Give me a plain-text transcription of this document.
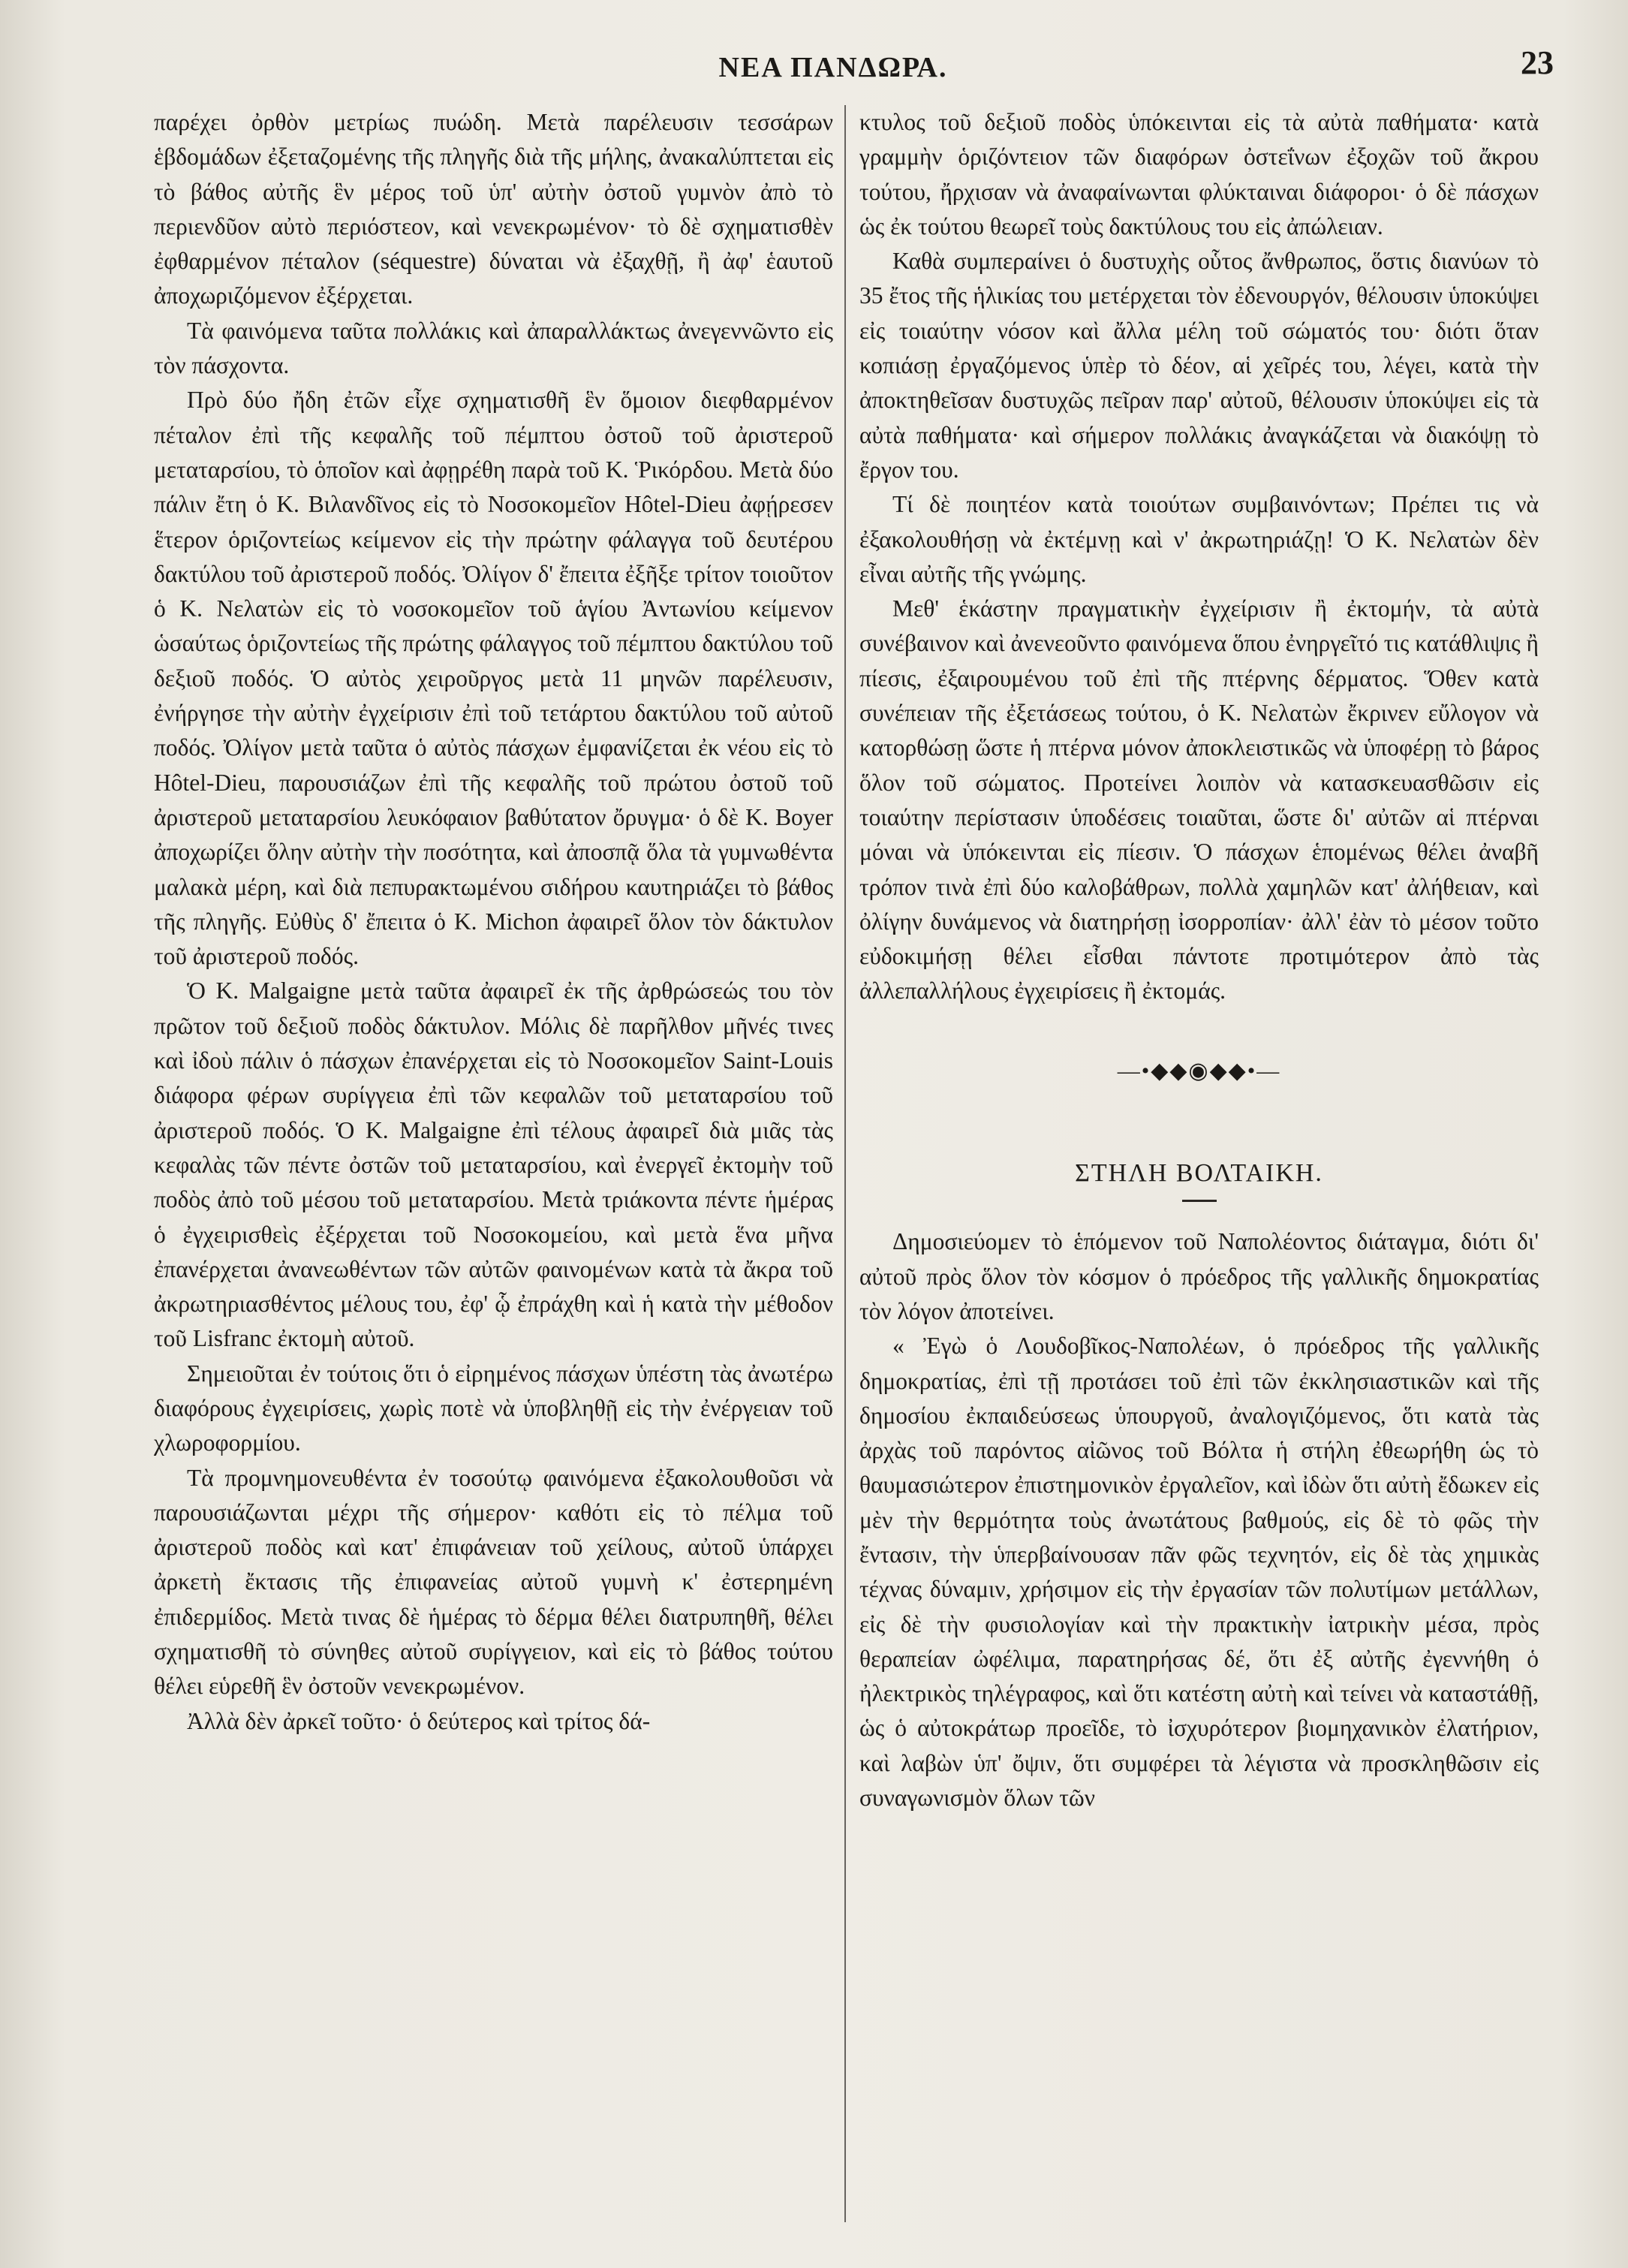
ΝΕΑ ΠΑΝΔΩΡΑ.	23

παρέχει ὀρθὸν μετρίως πυώδη. Μετὰ παρέλευσιν τεσσάρων ἑβδομάδων ἐξεταζομένης τῆς πληγῆς διὰ τῆς μήλης, ἀνακαλύπτεται εἰς τὸ βάθος αὐτῆς ἓν μέρος τοῦ ὑπ' αὐτὴν ὀστοῦ γυμνὸν ἀπὸ τὸ περιενδῦον αὐτὸ περιόστεον, καὶ νενεκρωμένον· τὸ δὲ σχηματισθὲν ἐφθαρμένον πέταλον (séquestre) δύναται νὰ ἐξαχθῇ, ἢ ἀφ' ἑαυτοῦ ἀποχωριζόμενον ἐξέρχεται.

Τὰ φαινόμενα ταῦτα πολλάκις καὶ ἀπαραλλάκτως ἀνεγεννῶντο εἰς τὸν πάσχοντα.

Πρὸ δύο ἤδη ἐτῶν εἶχε σχηματισθῆ ἓν ὅμοιον διεφθαρμένον πέταλον ἐπὶ τῆς κεφαλῆς τοῦ πέμπτου ὀστοῦ τοῦ ἀριστεροῦ μεταταρσίου, τὸ ὁποῖον καὶ ἀφῃρέθη παρὰ τοῦ Κ. Ῥικόρδου. Μετὰ δύο πάλιν ἔτη ὁ Κ. Βιλανδῖνος εἰς τὸ Νοσοκομεῖον Hôtel-Dieu ἀφῄρεσεν ἕτερον ὁριζοντείως κείμενον εἰς τὴν πρώτην φάλαγγα τοῦ δευτέρου δακτύλου τοῦ ἀριστεροῦ ποδός. Ὀλίγον δ' ἔπειτα ἐξῆξε τρίτον τοιοῦτον ὁ Κ. Νελατὼν εἰς τὸ νοσοκομεῖον τοῦ ἁγίου Ἀντωνίου κείμενον ὡσαύτως ὁριζοντείως τῆς πρώτης φάλαγγος τοῦ πέμπτου δακτύλου τοῦ δεξιοῦ ποδός. Ὁ αὐτὸς χειροῦργος μετὰ 11 μηνῶν παρέλευσιν, ἐνήργησε τὴν αὐτὴν ἐγχείρισιν ἐπὶ τοῦ τετάρτου δακτύλου τοῦ αὐτοῦ ποδός. Ὀλίγον μετὰ ταῦτα ὁ αὐτὸς πάσχων ἐμφανίζεται ἐκ νέου εἰς τὸ Hôtel-Dieu, παρουσιάζων ἐπὶ τῆς κεφαλῆς τοῦ πρώτου ὀστοῦ τοῦ ἀριστεροῦ μεταταρσίου λευκόφαιον βαθύτατον ὄρυγμα· ὁ δὲ Κ. Boyer ἀποχωρίζει ὅλην αὐτὴν τὴν ποσότητα, καὶ ἀποσπᾷ ὅλα τὰ γυμνωθέντα μαλακὰ μέρη, καὶ διὰ πεπυρακτωμένου σιδήρου καυτηριάζει τὸ βάθος τῆς πληγῆς. Εὐθὺς δ' ἔπειτα ὁ Κ. Michon ἀφαιρεῖ ὅλον τὸν δάκτυλον τοῦ ἀριστεροῦ ποδός.

Ὁ Κ. Malgaigne μετὰ ταῦτα ἀφαιρεῖ ἐκ τῆς ἀρθρώσεώς του τὸν πρῶτον τοῦ δεξιοῦ ποδὸς δάκτυλον. Μόλις δὲ παρῆλθον μῆνές τινες καὶ ἰδοὺ πάλιν ὁ πάσχων ἐπανέρχεται εἰς τὸ Νοσοκομεῖον Saint-Louis διάφορα φέρων συρίγγεια ἐπὶ τῶν κεφαλῶν τοῦ μεταταρσίου τοῦ ἀριστεροῦ ποδός. Ὁ Κ. Malgaigne ἐπὶ τέλους ἀφαιρεῖ διὰ μιᾶς τὰς κεφαλὰς τῶν πέντε ὀστῶν τοῦ μεταταρσίου, καὶ ἐνεργεῖ ἐκτομὴν τοῦ ποδὸς ἀπὸ τοῦ μέσου τοῦ μεταταρσίου. Μετὰ τριάκοντα πέντε ἡμέρας ὁ ἐγχειρισθεὶς ἐξέρχεται τοῦ Νοσοκομείου, καὶ μετὰ ἕνα μῆνα ἐπανέρχεται ἀνανεωθέντων τῶν αὐτῶν φαινομένων κατὰ τὰ ἄκρα τοῦ ἀκρωτηριασθέντος μέλους του, ἐφ' ᾧ ἐπράχθη καὶ ἡ κατὰ τὴν μέθοδον τοῦ Lisfranc ἐκτομὴ αὐτοῦ.

Σημειοῦται ἐν τούτοις ὅτι ὁ εἰρημένος πάσχων ὑπέστη τὰς ἀνωτέρω διαφόρους ἐγχειρίσεις, χωρὶς ποτὲ νὰ ὑποβληθῇ εἰς τὴν ἐνέργειαν τοῦ χλωροφορμίου.

Τὰ προμνημονευθέντα ἐν τοσούτῳ φαινόμενα ἐξακολουθοῦσι νὰ παρουσιάζωνται μέχρι τῆς σήμερον· καθότι εἰς τὸ πέλμα τοῦ ἀριστεροῦ ποδὸς καὶ κατ' ἐπιφάνειαν τοῦ χείλους, αὐτοῦ ὑπάρχει ἀρκετὴ ἔκτασις τῆς ἐπιφανείας αὐτοῦ γυμνὴ κ' ἐστερημένη ἐπιδερμίδος. Μετὰ τινας δὲ ἡμέρας τὸ δέρμα θέλει διατρυπηθῆ, θέλει σχηματισθῆ τὸ σύνηθες αὐτοῦ συρίγγειον, καὶ εἰς τὸ βάθος τούτου θέλει εὑρεθῆ ἓν ὀστοῦν νενεκρωμένον.

Ἀλλὰ δὲν ἀρκεῖ τοῦτο· ὁ δεύτερος καὶ τρίτος δά-

κτυλος τοῦ δεξιοῦ ποδὸς ὑπόκεινται εἰς τὰ αὐτὰ παθήματα· κατὰ γραμμὴν ὁριζόντειον τῶν διαφόρων ὀστεΐνων ἐξοχῶν τοῦ ἄκρου τούτου, ἤρχισαν νὰ ἀναφαίνωνται φλύκταιναι διάφοροι· ὁ δὲ πάσχων ὡς ἐκ τούτου θεωρεῖ τοὺς δακτύλους του εἰς ἀπώλειαν.

Καθὰ συμπεραίνει ὁ δυστυχὴς οὗτος ἄνθρωπος, ὅστις διανύων τὸ 35 ἔτος τῆς ἡλικίας του μετέρχεται τὸν ἐδενουργόν, θέλουσιν ὑποκύψει εἰς τοιαύτην νόσον καὶ ἄλλα μέλη τοῦ σώματός του· διότι ὅταν κοπιάσῃ ἐργαζόμενος ὑπὲρ τὸ δέον, αἱ χεῖρές του, λέγει, κατὰ τὴν ἀποκτηθεῖσαν δυστυχῶς πεῖραν παρ' αὐτοῦ, θέλουσιν ὑποκύψει εἰς τὰ αὐτὰ παθήματα· καὶ σήμερον πολλάκις ἀναγκάζεται νὰ διακόψῃ τὸ ἔργον του.

Τί δὲ ποιητέον κατὰ τοιούτων συμβαινόντων; Πρέπει τις νὰ ἐξακολουθήσῃ νὰ ἐκτέμνῃ καὶ ν' ἀκρωτηριάζῃ! Ὁ Κ. Νελατὼν δὲν εἶναι αὐτῆς τῆς γνώμης.

Μεθ' ἑκάστην πραγματικὴν ἐγχείρισιν ἢ ἐκτομήν, τὰ αὐτὰ συνέβαινον καὶ ἀνενεοῦντο φαινόμενα ὅπου ἐνηργεῖτό τις κατάθλιψις ἢ πίεσις, ἐξαιρουμένου τοῦ ἐπὶ τῆς πτέρνης δέρματος. Ὅθεν κατὰ συνέπειαν τῆς ἐξετάσεως τούτου, ὁ Κ. Νελατὼν ἔκρινεν εὔλογον νὰ κατορθώσῃ ὥστε ἡ πτέρνα μόνον ἀποκλειστικῶς νὰ ὑποφέρῃ τὸ βάρος ὅλον τοῦ σώματος. Προτείνει λοιπὸν νὰ κατασκευασθῶσιν εἰς τοιαύτην περίστασιν ὑποδέσεις τοιαῦται, ὥστε δι' αὐτῶν αἱ πτέρναι μόναι νὰ ὑπόκεινται εἰς πίεσιν. Ὁ πάσχων ἑπομένως θέλει ἀναβῆ τρόπον τινὰ ἐπὶ δύο καλοβάθρων, πολλὰ χαμηλῶν κατ' ἀλήθειαν, καὶ ὀλίγην δυνάμενος νὰ διατηρήσῃ ἰσορροπίαν· ἀλλ' ἐὰν τὸ μέσον τοῦτο εὐδοκιμήσῃ θέλει εἶσθαι πάντοτε προτιμότερον ἀπὸ τὰς ἀλλεπαλλήλους ἐγχειρίσεις ἢ ἐκτομάς.

—•◆◆◉◆◆•—
ΣΤΗΛΗ ΒΟΛΤΑΙΚΗ.

Δημοσιεύομεν τὸ ἑπόμενον τοῦ Ναπολέοντος διάταγμα, διότι δι' αὐτοῦ πρὸς ὅλον τὸν κόσμον ὁ πρόεδρος τῆς γαλλικῆς δημοκρατίας τὸν λόγον ἀποτείνει.

« Ἐγὼ ὁ Λουδοβῖκος-Ναπολέων, ὁ πρόεδρος τῆς γαλλικῆς δημοκρατίας, ἐπὶ τῇ προτάσει τοῦ ἐπὶ τῶν ἐκκλησιαστικῶν καὶ τῆς δημοσίου ἐκπαιδεύσεως ὑπουργοῦ, ἀναλογιζόμενος, ὅτι κατὰ τὰς ἀρχὰς τοῦ παρόντος αἰῶνος τοῦ Βόλτα ἡ στήλη ἐθεωρήθη ὡς τὸ θαυμασιώτερον ἐπιστημονικὸν ἐργαλεῖον, καὶ ἰδὼν ὅτι αὐτὴ ἔδωκεν εἰς μὲν τὴν θερμότητα τοὺς ἀνωτάτους βαθμούς, εἰς δὲ τὸ φῶς τὴν ἔντασιν, τὴν ὑπερβαίνουσαν πᾶν φῶς τεχνητόν, εἰς δὲ τὰς χημικὰς τέχνας δύναμιν, χρήσιμον εἰς τὴν ἐργασίαν τῶν πολυτίμων μετάλλων, εἰς δὲ τὴν φυσιολογίαν καὶ τὴν πρακτικὴν ἰατρικὴν μέσα, πρὸς θεραπείαν ὠφέλιμα, παρατηρήσας δέ, ὅτι ἐξ αὐτῆς ἐγεννήθη ὁ ἠλεκτρικὸς τηλέγραφος, καὶ ὅτι κατέστη αὐτὴ καὶ τείνει νὰ καταστάθῇ, ὡς ὁ αὐτοκράτωρ προεῖδε, τὸ ἰσχυρότερον βιομηχανικὸν ἐλατήριον, καὶ λαβὼν ὑπ' ὄψιν, ὅτι συμφέρει τὰ λέγιστα νὰ προσκληθῶσιν εἰς συναγωνισμὸν ὅλων τῶν
